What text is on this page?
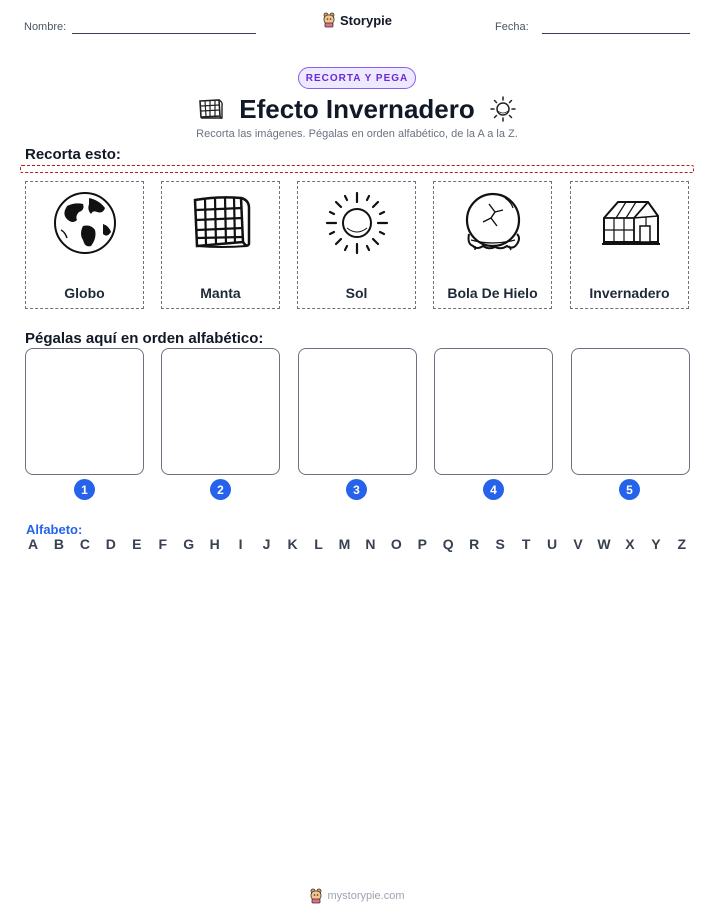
Nombre:	Storypie	Fecha:
RECORTA Y PEGA
Efecto Invernadero
Recorta las imágenes. Pégalas en orden alfabético, de la A a la Z.
Recorta esto:
Globo	Manta	Sol	Bola De Hielo	Invernadero
Pégalas aquí en orden alfabético:
1	2	3	4	5
Alfabeto:
A B C D E F G H	I	J K L M N O P Q R S T U V W X Y Z
mystorypie.com
